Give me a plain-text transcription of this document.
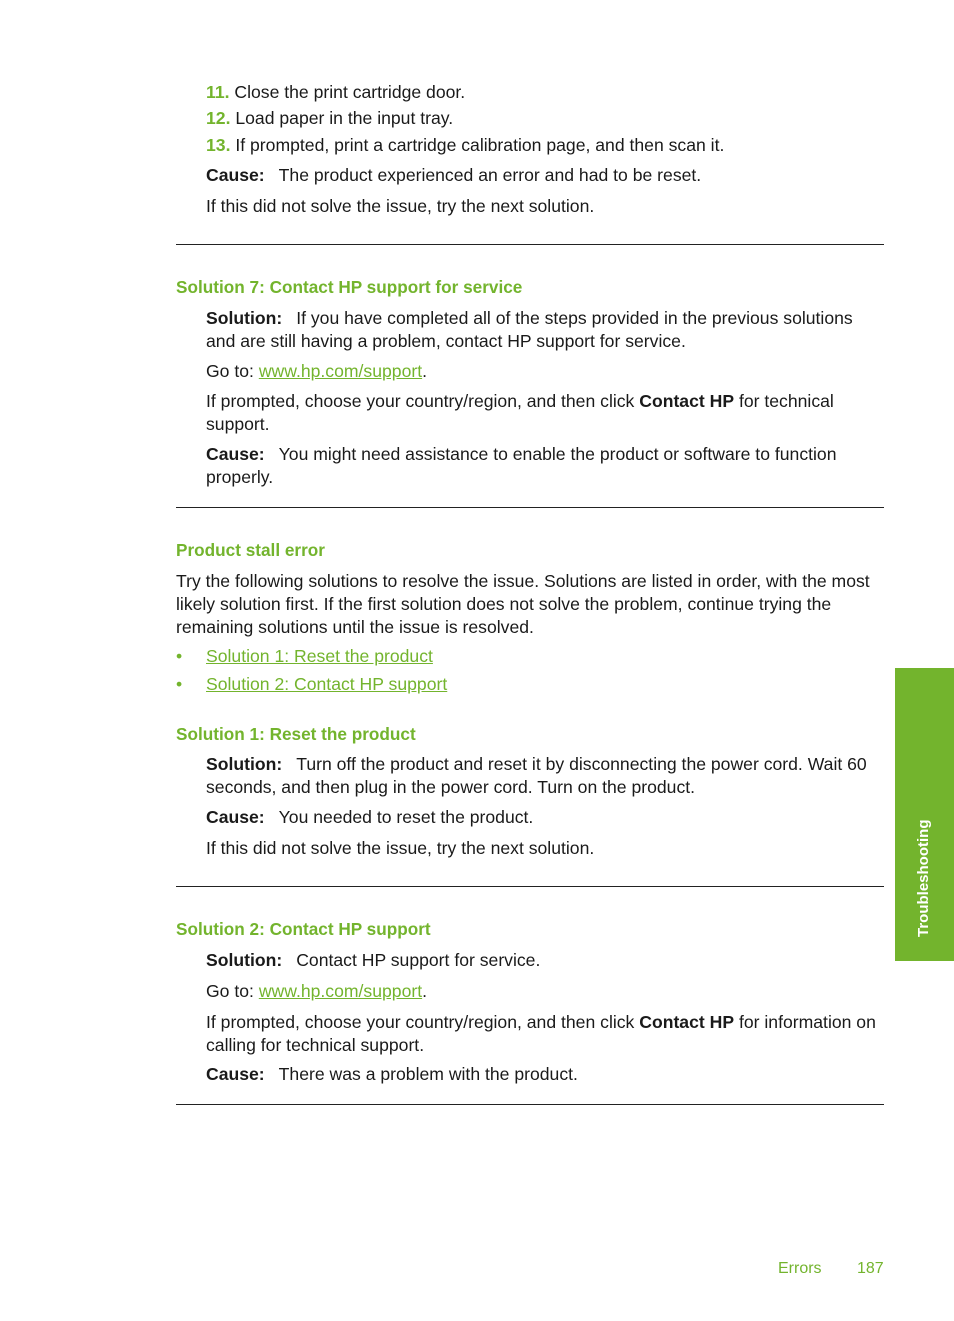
11. Close the print cartridge door.
12. Load paper in the input tray.
13. If prompted, print a cartridge calibration page, and then scan it.
Cause: The product experienced an error and had to be reset.
If this did not solve the issue, try the next solution.
Solution 7: Contact HP support for service
Solution: If you have completed all of the steps provided in the previous solutions and are still having a problem, contact HP support for service.
Go to: www.hp.com/support.
If prompted, choose your country/region, and then click Contact HP for technical support.
Cause: You might need assistance to enable the product or software to function properly.
Product stall error
Try the following solutions to resolve the issue. Solutions are listed in order, with the most likely solution first. If the first solution does not solve the problem, continue trying the remaining solutions until the issue is resolved.
• Solution 1: Reset the product
• Solution 2: Contact HP support
Solution 1: Reset the product
Solution: Turn off the product and reset it by disconnecting the power cord. Wait 60 seconds, and then plug in the power cord. Turn on the product.
Cause: You needed to reset the product.
If this did not solve the issue, try the next solution.
Solution 2: Contact HP support
Solution: Contact HP support for service.
Go to: www.hp.com/support.
If prompted, choose your country/region, and then click Contact HP for information on calling for technical support.
Cause: There was a problem with the product.
Troubleshooting
Errors 187
